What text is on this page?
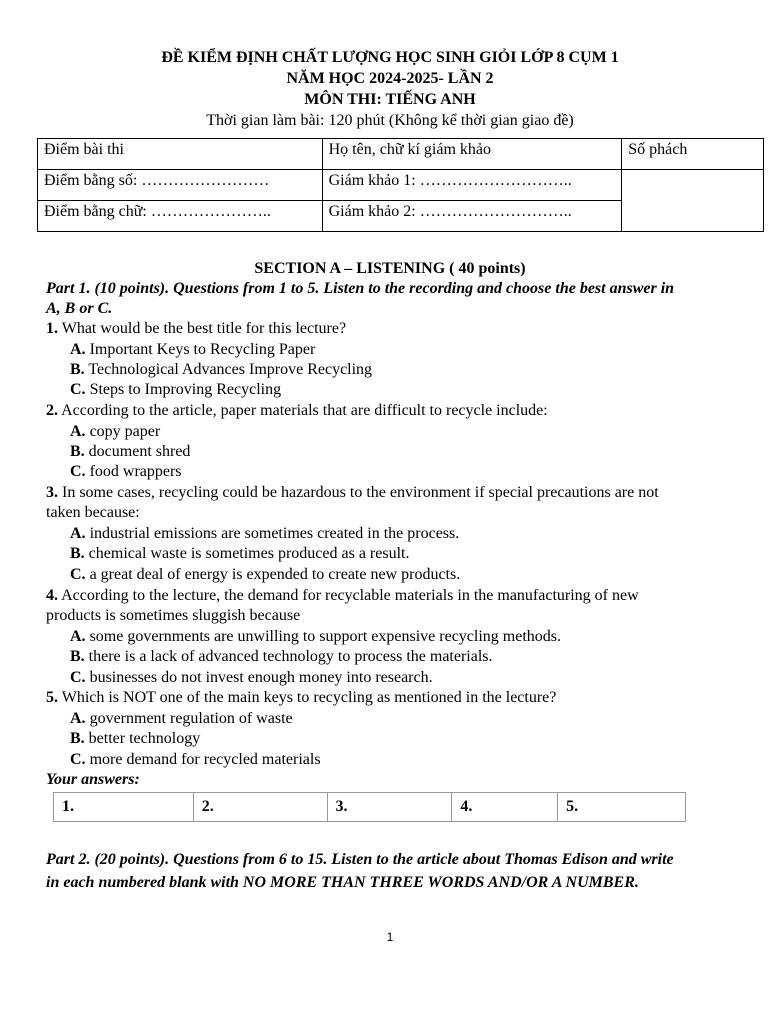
ĐỀ KIỂM ĐỊNH CHẤT LƯỢNG HỌC SINH GIỎI LỚP 8 CỤM 1
NĂM HỌC 2024-2025- LẦN 2
MÔN THI: TIẾNG ANH
Thời gian làm bài: 120 phút (Không kể thời gian giao đề)
Điểm bài thi	Họ tên, chữ kí giám khảo	Số phách
Điểm bằng số: ……………………	Giám khảo 1: ………………………..	
Điểm bằng chữ: …………………..	Giám khảo 2: ………………………..	
SECTION A – LISTENING ( 40 points)
Part 1. (10 points). Questions from 1 to 5. Listen to the recording and choose the best answer in
A, B or C.
1. What would be the best title for this lecture?
A. Important Keys to Recycling Paper
B. Technological Advances Improve Recycling
C. Steps to Improving Recycling
2. According to the article, paper materials that are difficult to recycle include:
A. copy paper
B. document shred
C. food wrappers
3. In some cases, recycling could be hazardous to the environment if special precautions are not
taken because:
A. industrial emissions are sometimes created in the process.
B. chemical waste is sometimes produced as a result.
C. a great deal of energy is expended to create new products.
4. According to the lecture, the demand for recyclable materials in the manufacturing of new
products is sometimes sluggish because
A. some governments are unwilling to support expensive recycling methods.
B. there is a lack of advanced technology to process the materials.
C. businesses do not invest enough money into research.
5. Which is NOT one of the main keys to recycling as mentioned in the lecture?
A. government regulation of waste
B. better technology
C. more demand for recycled materials
Your answers:
1.	2.	3.	4.	5.
Part 2. (20 points). Questions from 6 to 15. Listen to the article about Thomas Edison and write
in each numbered blank with NO MORE THAN THREE WORDS AND/OR A NUMBER.
1
